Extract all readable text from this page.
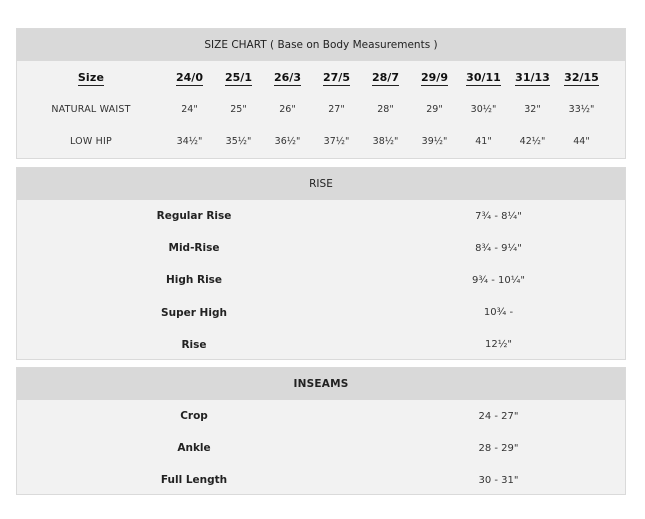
SIZE CHART ( Base on Body Measurements )
Size	24/0	25/1	26/3	27/5	28/7	29/9	30/11	31/13	32/15
NATURAL WAIST	24"	25"	26"	27"	28"	29"	30½"	32"	33½"
LOW HIP	34½"	35½"	36½"	37½"	38½"	39½"	41"	42½"	44"
RISE
Regular Rise	7¾ - 8¼"
Mid-Rise	8¾ - 9¼"
High Rise	9¾ - 10¼"
Super High	10¾ -
Rise	12½"
INSEAMS
Crop	24 - 27"
Ankle	28 - 29"
Full Length	30 - 31"
